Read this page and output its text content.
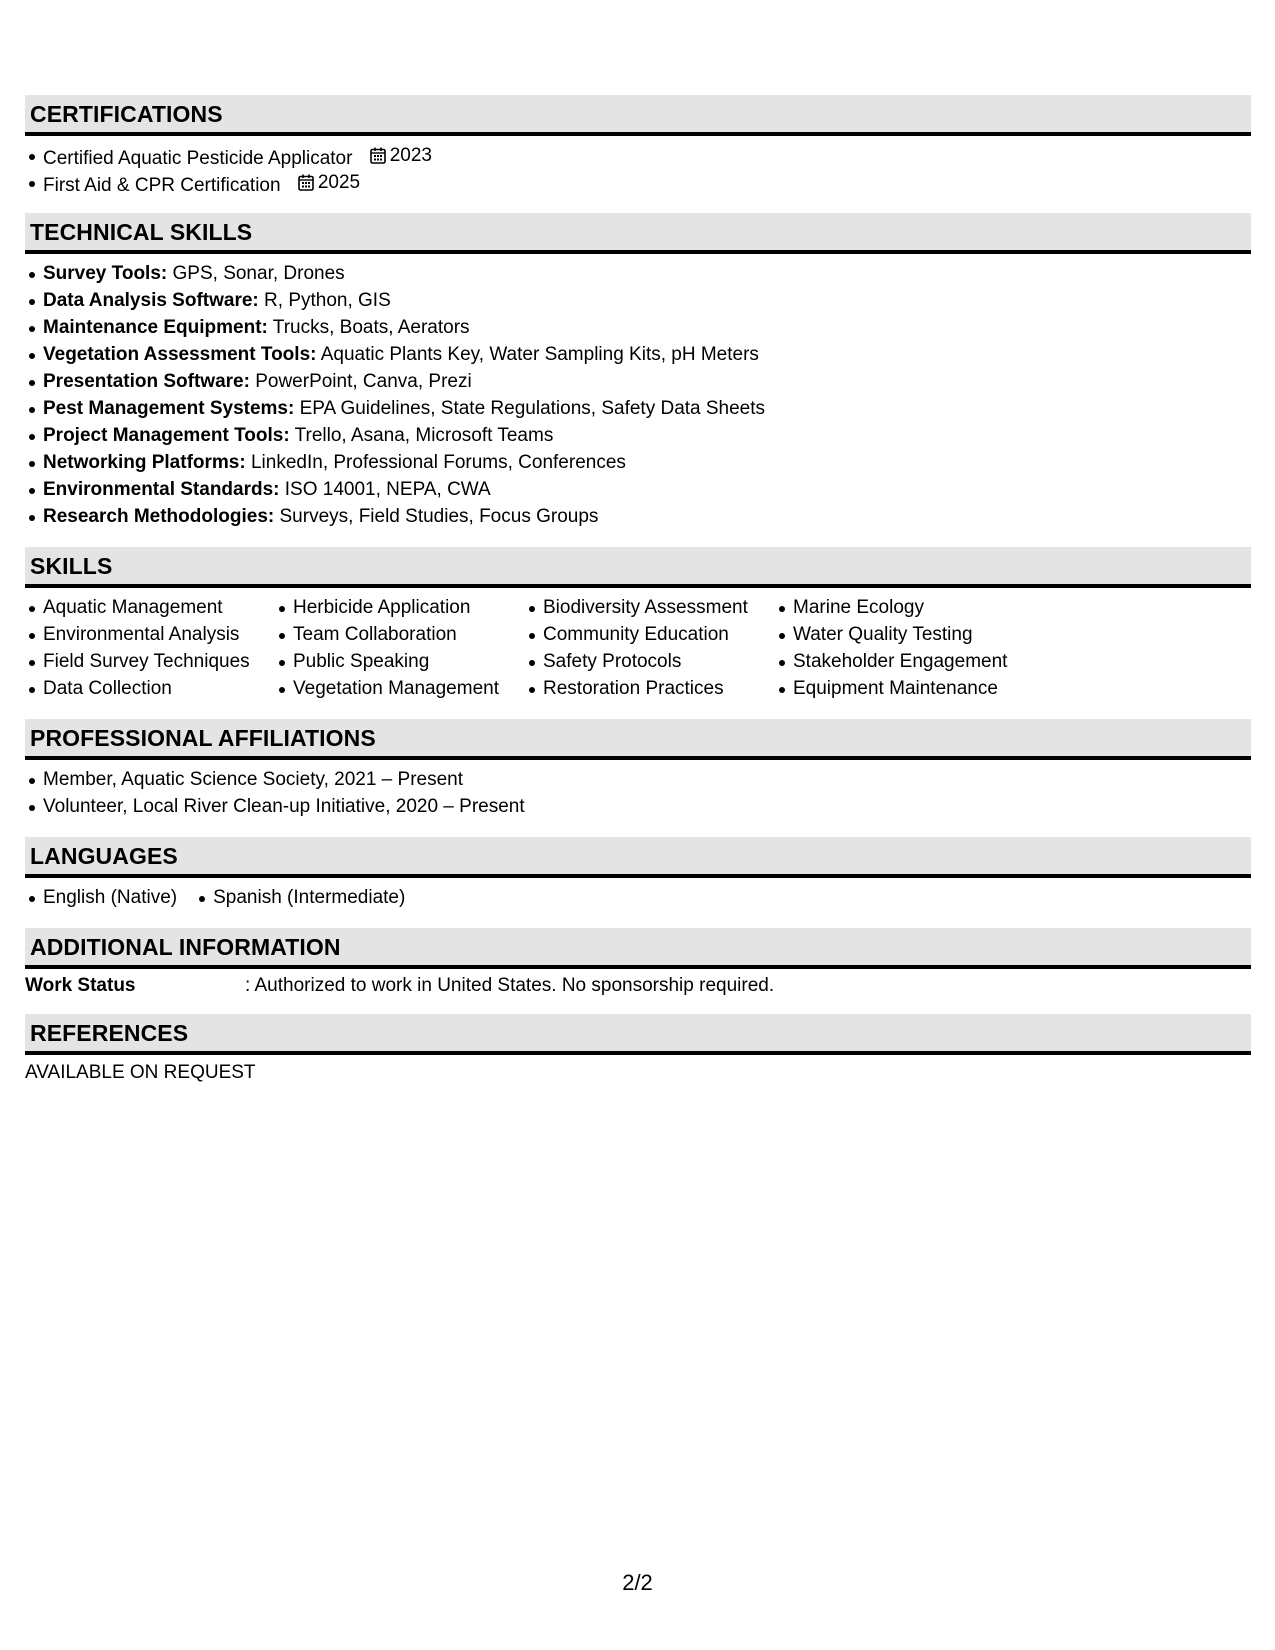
CERTIFICATIONS
Certified Aquatic Pesticide Applicator 2023
First Aid & CPR Certification 2025
TECHNICAL SKILLS
Survey Tools: GPS, Sonar, Drones
Data Analysis Software: R, Python, GIS
Maintenance Equipment: Trucks, Boats, Aerators
Vegetation Assessment Tools: Aquatic Plants Key, Water Sampling Kits, pH Meters
Presentation Software: PowerPoint, Canva, Prezi
Pest Management Systems: EPA Guidelines, State Regulations, Safety Data Sheets
Project Management Tools: Trello, Asana, Microsoft Teams
Networking Platforms: LinkedIn, Professional Forums, Conferences
Environmental Standards: ISO 14001, NEPA, CWA
Research Methodologies: Surveys, Field Studies, Focus Groups
SKILLS
Aquatic Management
Environmental Analysis
Field Survey Techniques
Data Collection
Herbicide Application
Team Collaboration
Public Speaking
Vegetation Management
Biodiversity Assessment
Community Education
Safety Protocols
Restoration Practices
Marine Ecology
Water Quality Testing
Stakeholder Engagement
Equipment Maintenance
PROFESSIONAL AFFILIATIONS
Member, Aquatic Science Society, 2021 – Present
Volunteer, Local River Clean-up Initiative, 2020 – Present
LANGUAGES
English (Native)	Spanish (Intermediate)
ADDITIONAL INFORMATION
Work Status	: Authorized to work in United States. No sponsorship required.
REFERENCES
AVAILABLE ON REQUEST
2/2
